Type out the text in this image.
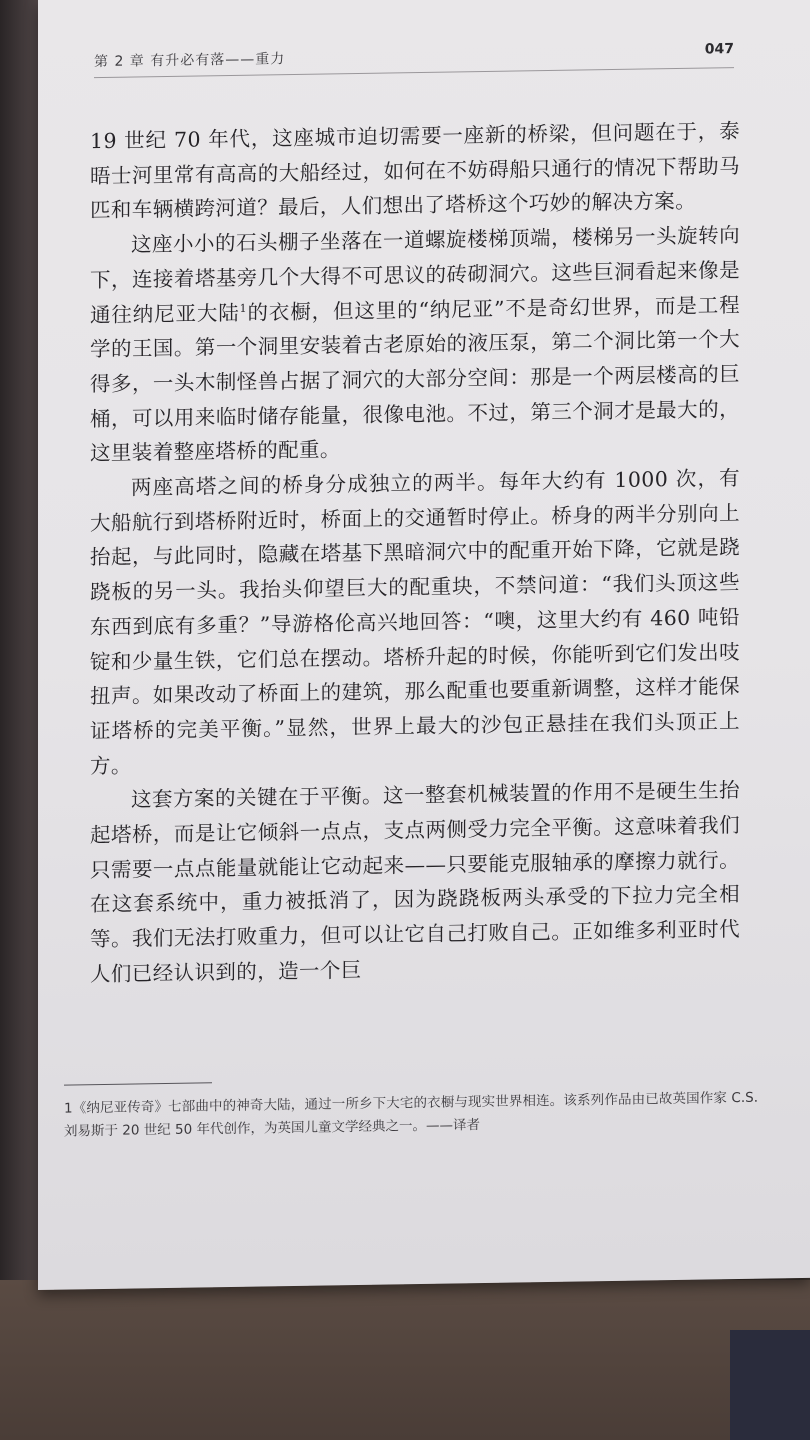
第 2 章 有升必有落——重力
047

19 世纪 70 年代，这座城市迫切需要一座新的桥梁，但问题在于，泰晤士河里常有高高的大船经过，如何在不妨碍船只通行的情况下帮助马匹和车辆横跨河道？最后，人们想出了塔桥这个巧妙的解决方案。

这座小小的石头棚子坐落在一道螺旋楼梯顶端，楼梯另一头旋转向下，连接着塔基旁几个大得不可思议的砖砌洞穴。这些巨洞看起来像是通往纳尼亚大陆$^1$的衣橱，但这里的“纳尼亚”不是奇幻世界，而是工程学的王国。第一个洞里安装着古老原始的液压泵，第二个洞比第一个大得多，一头木制怪兽占据了洞穴的大部分空间：那是一个两层楼高的巨桶，可以用来临时储存能量，很像电池。不过，第三个洞才是最大的，这里装着整座塔桥的配重。

两座高塔之间的桥身分成独立的两半。每年大约有 1000 次，有大船航行到塔桥附近时，桥面上的交通暂时停止。桥身的两半分别向上抬起，与此同时，隐藏在塔基下黑暗洞穴中的配重开始下降，它就是跷跷板的另一头。我抬头仰望巨大的配重块，不禁问道：“我们头顶这些东西到底有多重？”导游格伦高兴地回答：“噢，这里大约有 460 吨铅锭和少量生铁，它们总在摆动。塔桥升起的时候，你能听到它们发出吱扭声。如果改动了桥面上的建筑，那么配重也要重新调整，这样才能保证塔桥的完美平衡。”显然，世界上最大的沙包正悬挂在我们头顶正上方。

这套方案的关键在于平衡。这一整套机械装置的作用不是硬生生抬起塔桥，而是让它倾斜一点点，支点两侧受力完全平衡。这意味着我们只需要一点点能量就能让它动起来——只要能克服轴承的摩擦力就行。在这套系统中，重力被抵消了，因为跷跷板两头承受的下拉力完全相等。我们无法打败重力，但可以让它自己打败自己。正如维多利亚时代人们已经认识到的，造一个巨

1《纳尼亚传奇》七部曲中的神奇大陆，通过一所乡下大宅的衣橱与现实世界相连。该系列作品由已故英国作家 C.S. 刘易斯于 20 世纪 50 年代创作，为英国儿童文学经典之一。——译者
